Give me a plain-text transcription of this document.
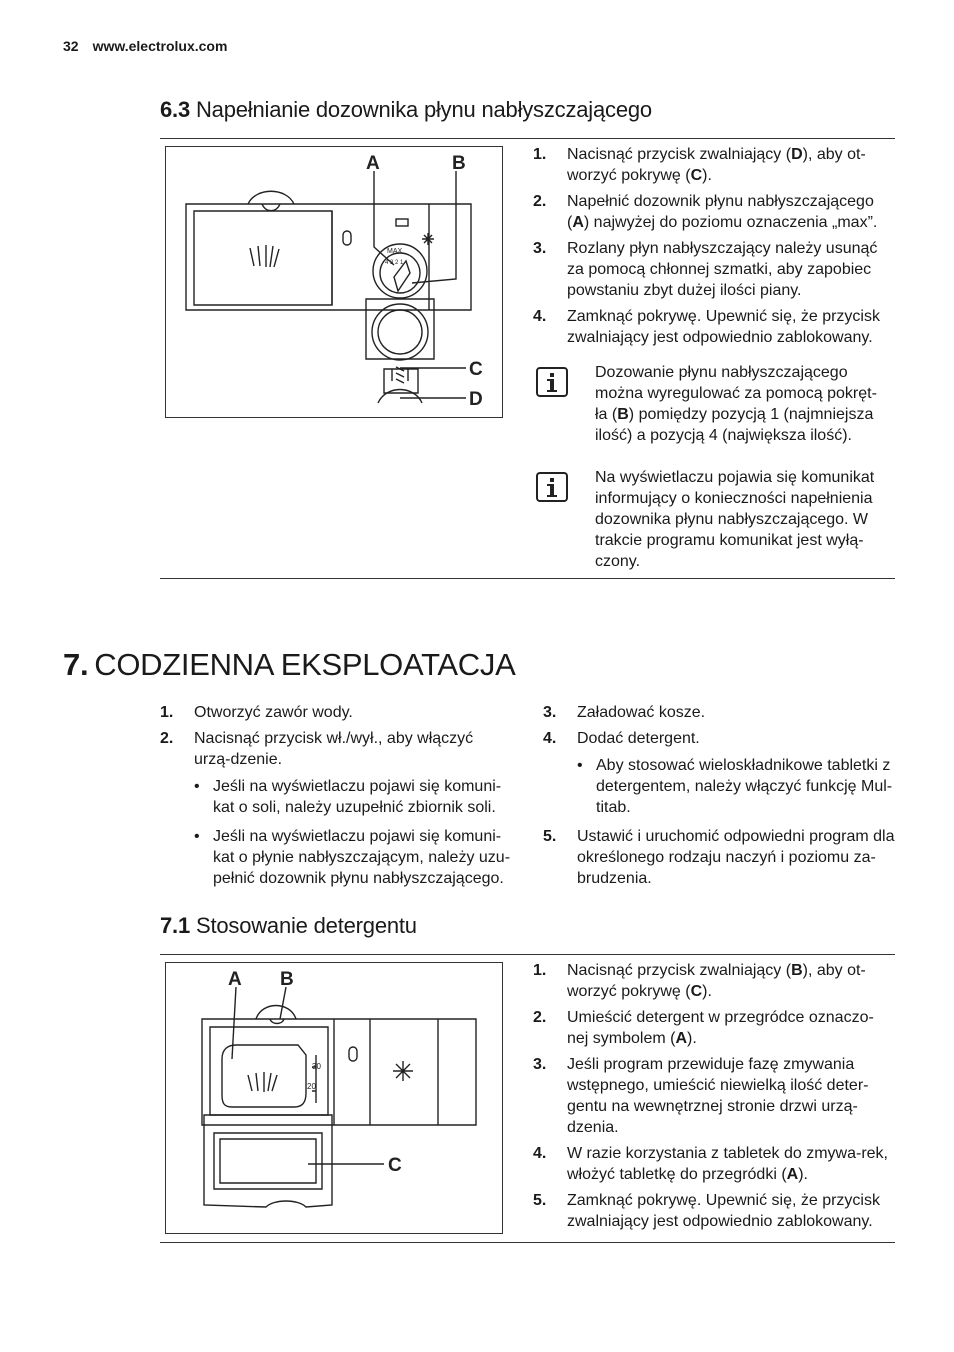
32 www.electrolux.com
6.3 Napełnianie dozownika płynu nabłyszczającego
MAX
4 3 2 1
A	B
C
D
1. Nacisnąć przycisk zwalniający (D), aby ot-worzyć pokrywę (C).
2. Napełnić dozownik płynu nabłyszczającego (A) najwyżej do poziomu oznaczenia „max”.
3. Rozlany płyn nabłyszczający należy usunąć za pomocą chłonnej szmatki, aby zapobiec powstaniu zbyt dużej ilości piany.
4. Zamknąć pokrywę. Upewnić się, że przycisk zwalniający jest odpowiednio zablokowany.
Dozowanie płynu nabłyszczającego można wyregulować za pomocą pokręt-ła (B) pomiędzy pozycją 1 (najmniejsza ilość) a pozycją 4 (największa ilość).
Na wyświetlaczu pojawia się komunikat informujący o konieczności napełnienia dozownika płynu nabłyszczającego. W trakcie programu komunikat jest wyłą-czony.
7. CODZIENNA EKSPLOATACJA
1. Otworzyć zawór wody.
2. Nacisnąć przycisk wł./wył., aby włączyć urzą-dzenie.
• Jeśli na wyświetlaczu pojawi się komuni-kat o soli, należy uzupełnić zbiornik soli.
• Jeśli na wyświetlaczu pojawi się komuni-kat o płynie nabłyszczającym, należy uzu-pełnić dozownik płynu nabłyszczającego.
3. Załadować kosze.
4. Dodać detergent.
• Aby stosować wieloskładnikowe tabletki z detergentem, należy włączyć funkcję Mul-titab.
5. Ustawić i uruchomić odpowiedni program dla określonego rodzaju naczyń i poziomu za-brudzenia.
7.1 Stosowanie detergentu
30
20
A B
C
1. Nacisnąć przycisk zwalniający (B), aby ot-worzyć pokrywę (C).
2. Umieścić detergent w przegródce oznaczo-nej symbolem (A).
3. Jeśli program przewiduje fazę zmywania wstępnego, umieścić niewielką ilość deter-gentu na wewnętrznej stronie drzwi urzą-dzenia.
4. W razie korzystania z tabletek do zmywa-rek, włożyć tabletkę do przegródki (A).
5. Zamknąć pokrywę. Upewnić się, że przycisk zwalniający jest odpowiednio zablokowany.
